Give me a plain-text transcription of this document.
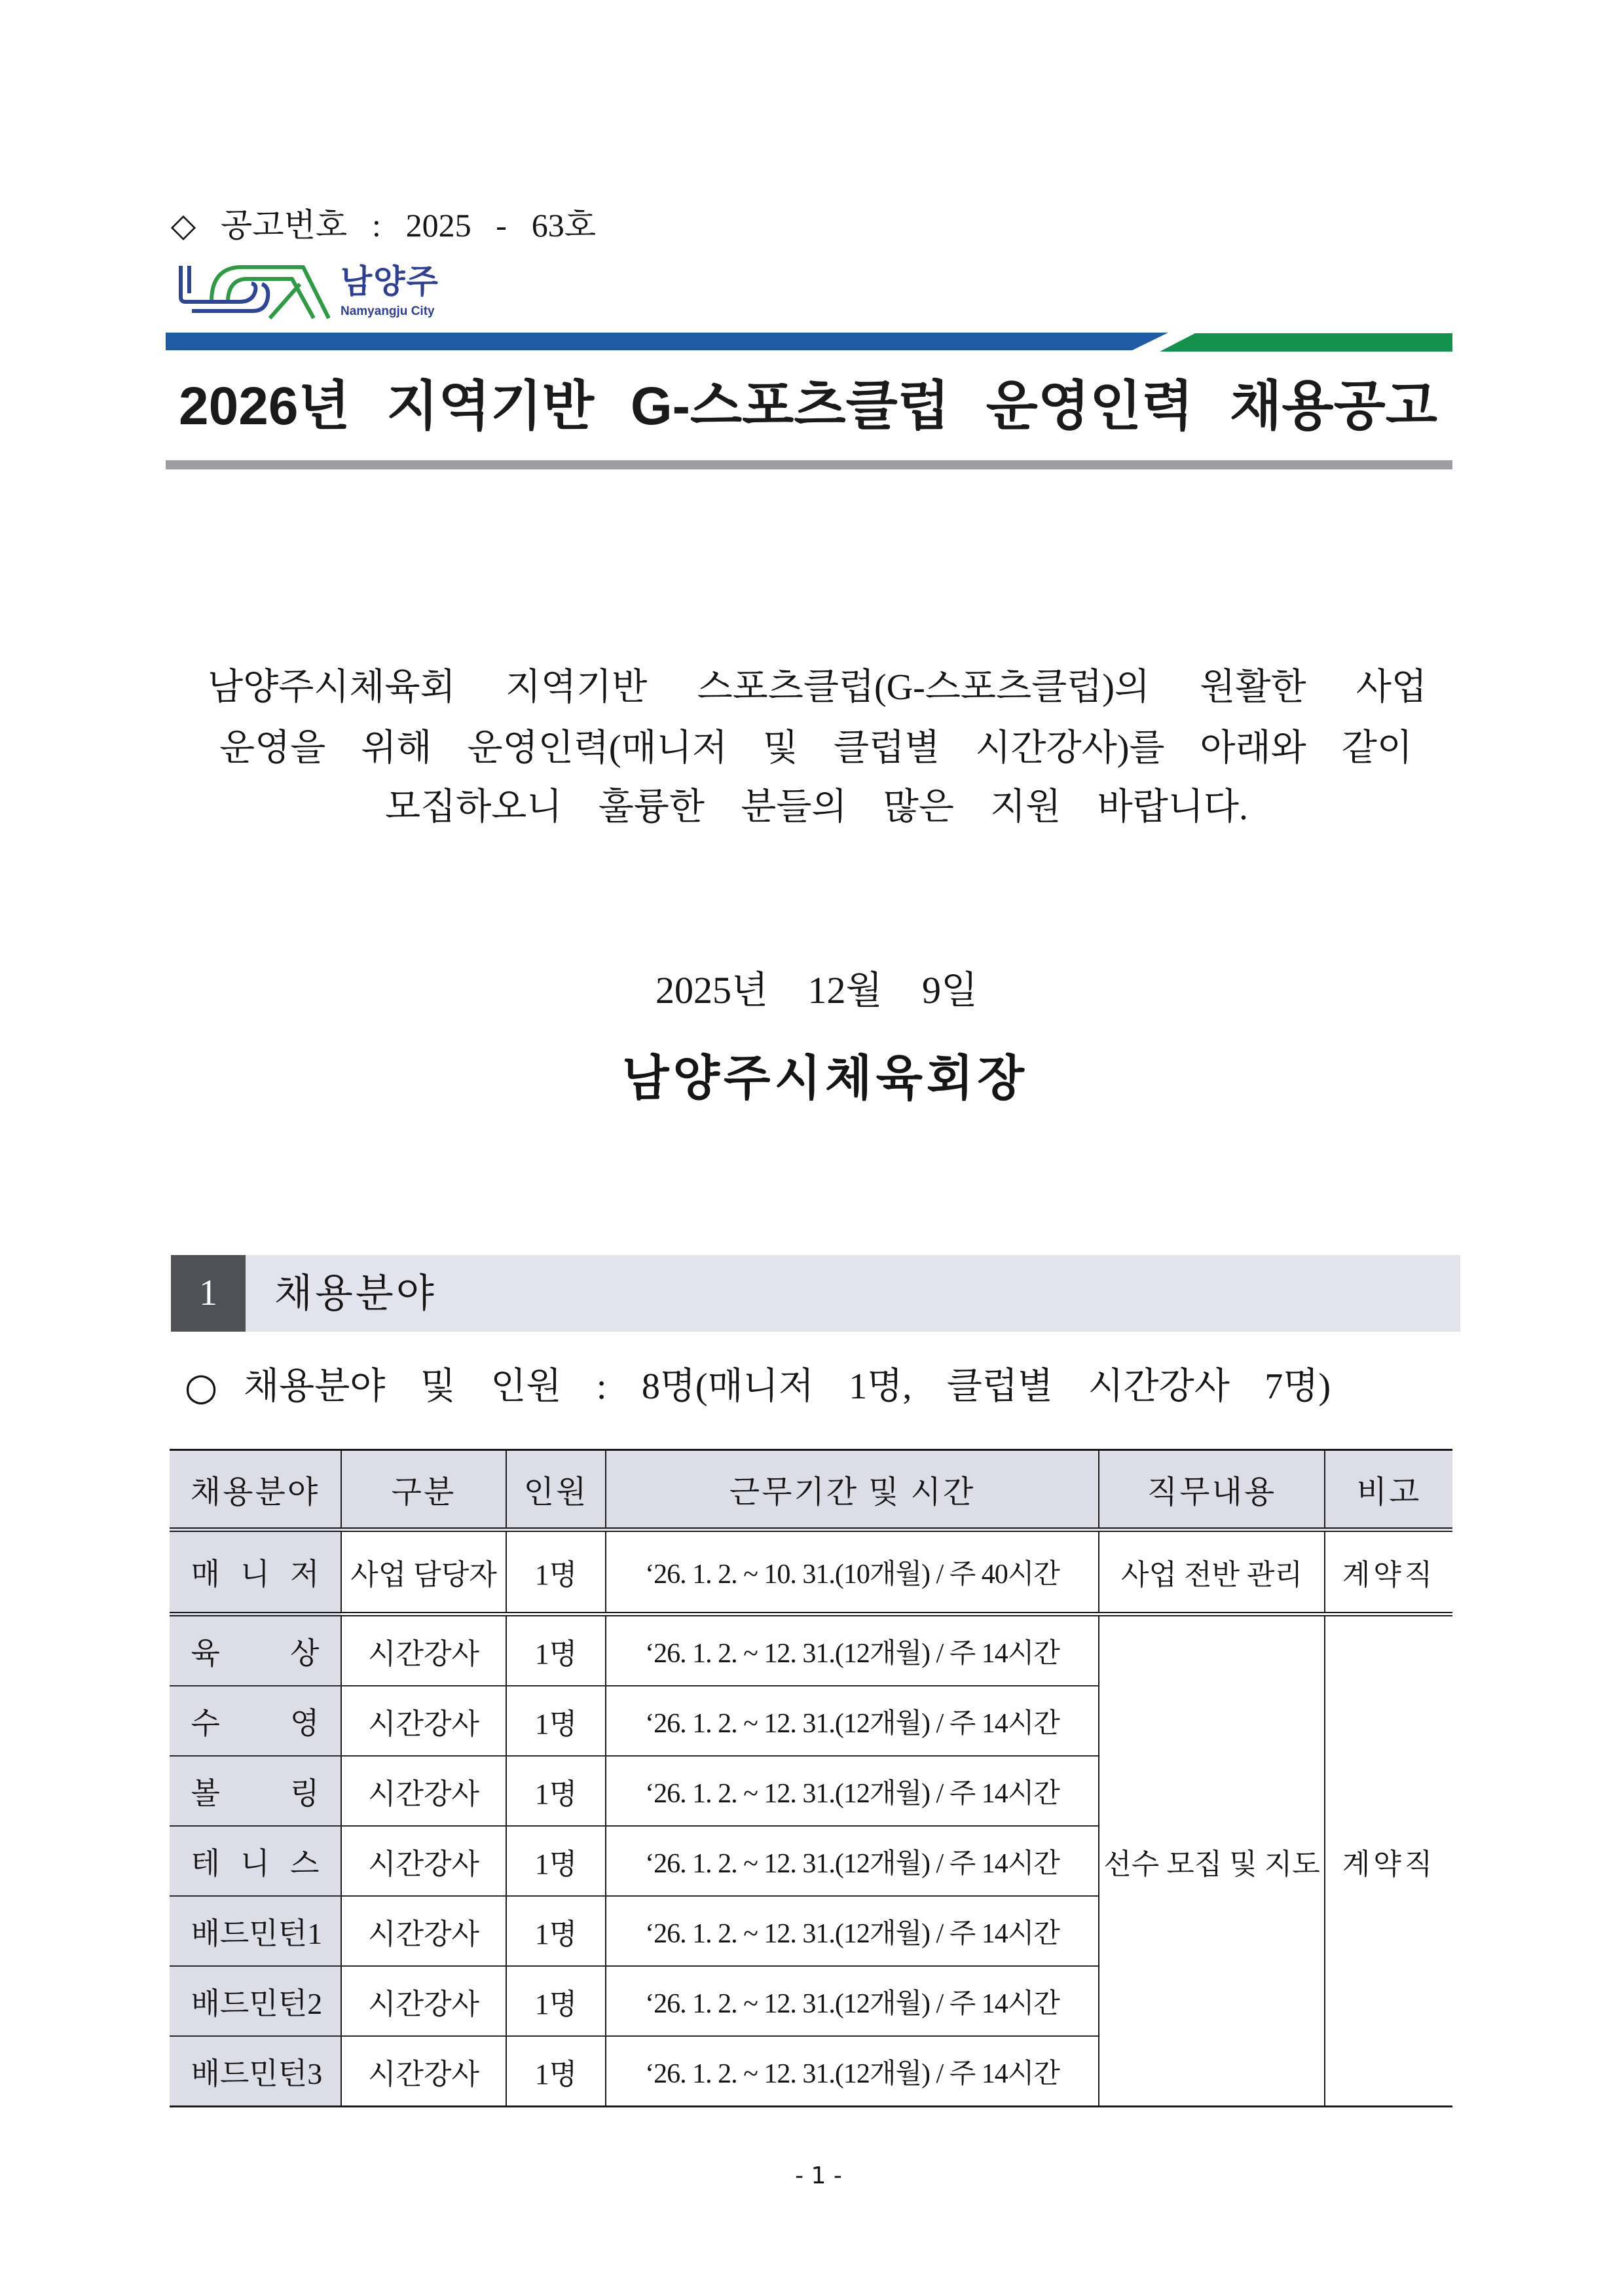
◇ 공고번호 : 2025 - 63호
남양주
Namyangju City
2026년 지역기반 G-스포츠클럽 운영인력 채용공고
남양주시체육회 지역기반 스포츠클럽(G-스포츠클럽)의 원활한 사업
운영을 위해 운영인력(매니저 및 클럽별 시간강사)를 아래와 같이
모집하오니 훌륭한 분들의 많은 지원 바랍니다.
2025년 12월 9일
남양주시체육회장
1	채용분야
○ 채용분야 및 인원 : 8명(매니저 1명, 클럽별 시간강사 7명)
채용분야	구분	인원	근무기간 및 시간	직무내용	비고

매 니 저	사업 담당자	1명	‘26. 1. 2. ~ 10. 31.(10개월) / 주 40시간	사업 전반 관리	계약직

육 상	시간강사	1명	‘26. 1. 2. ~ 12. 31.(12개월) / 주 14시간	선수 모집 및 지도	계약직

수 영	시간강사	1명	‘26. 1. 2. ~ 12. 31.(12개월) / 주 14시간		

볼 링	시간강사	1명	‘26. 1. 2. ~ 12. 31.(12개월) / 주 14시간		

테 니 스	시간강사	1명	‘26. 1. 2. ~ 12. 31.(12개월) / 주 14시간		

배드민턴1	시간강사	1명	‘26. 1. 2. ~ 12. 31.(12개월) / 주 14시간		

배드민턴2	시간강사	1명	‘26. 1. 2. ~ 12. 31.(12개월) / 주 14시간		

배드민턴3	시간강사	1명	‘26. 1. 2. ~ 12. 31.(12개월) / 주 14시간		
- 1 -
